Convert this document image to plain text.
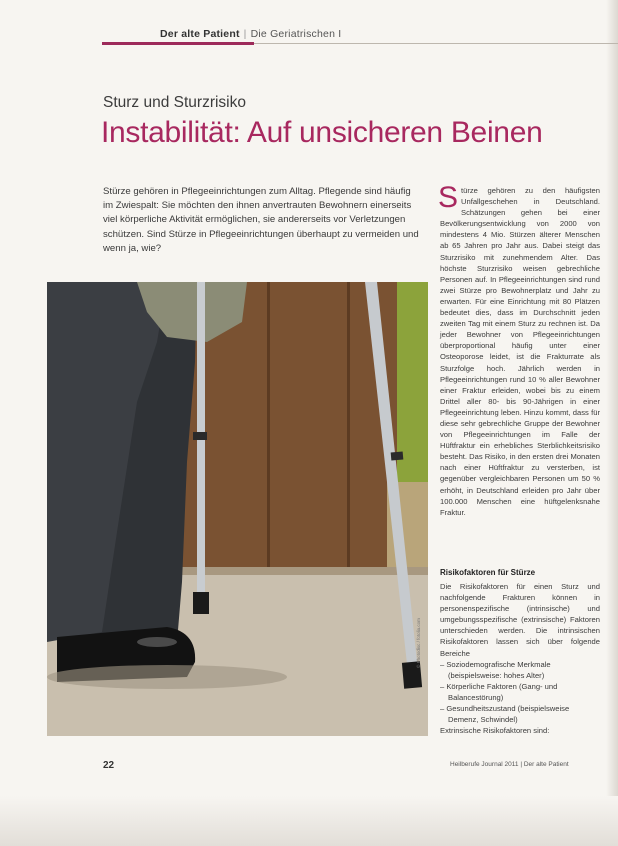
Der alte Patient | Die Geriatrischen I
Sturz und Sturzrisiko
Instabilität: Auf unsicheren Beinen
Stürze gehören in Pflegeeinrichtungen zum Alltag. Pflegende sind häufig im Zwiespalt: Sie möchten den ihnen anvertrauten Bewohnern einerseits viel körperliche Aktivität ermöglichen, sie andererseits vor Verletzungen schützen. Sind Stürze in Pflegeeinrichtungen überhaupt zu vermeiden und wenn ja, wie?
© Photodisc / fotolia.com
Stürze gehören zu den häufigsten Unfallgeschehen in Deutschland. Schätzungen gehen bei einer Bevölkerungsentwicklung von 2000 von mindestens 4 Mio. Stürzen älterer Menschen ab 65 Jahren pro Jahr aus. Dabei steigt das Sturzrisiko mit zunehmendem Alter. Das höchste Sturzrisiko weisen gebrechliche Personen auf. In Pflegeeinrichtungen sind rund zwei Stürze pro Bewohnerplatz und Jahr zu erwarten. Für eine Einrichtung mit 80 Plätzen bedeutet dies, dass im Durchschnitt jeden zweiten Tag mit einem Sturz zu rechnen ist. Da jeder Bewohner von Pflegeeinrichtungen überproportional häufig unter einer Osteoporose leidet, ist die Frakturrate als Sturzfolge hoch. Jährlich werden in Pflegeeinrichtungen rund 10 % aller Bewohner einer Fraktur erleiden, wobei bis zu einem Drittel aller 80- bis 90-Jährigen in einer Pflegeeinrichtung leben. Hinzu kommt, dass für diese sehr gebrechliche Gruppe der Bewohner von Pflegeeinrichtungen im Falle der Hüftfraktur ein erhebliches Sterblichkeitsrisiko besteht. Das Risiko, in den ersten drei Monaten nach einer Hüftfraktur zu versterben, ist gegenüber vergleichbaren Personen um 50 % erhöht, in Deutschland erleiden pro Jahr über 100.000 Menschen eine hüftgelenksnahe Fraktur.
Risikofaktoren für Stürze
Die Risikofaktoren für einen Sturz und nachfolgende Frakturen können in personenspezifische (intrinsische) und umgebungsspezifische (extrinsische) Faktoren unterschieden werden. Die intrinsischen Risikofaktoren lassen sich über folgende Bereiche
– Soziodemografische Merkmale (beispielsweise: hohes Alter)
– Körperliche Faktoren (Gang- und Balancestörung)
– Gesundheitszustand (beispielsweise Demenz, Schwindel)
Extrinsische Risikofaktoren sind:
22	Heilberufe Journal 2011 | Der alte Patient
